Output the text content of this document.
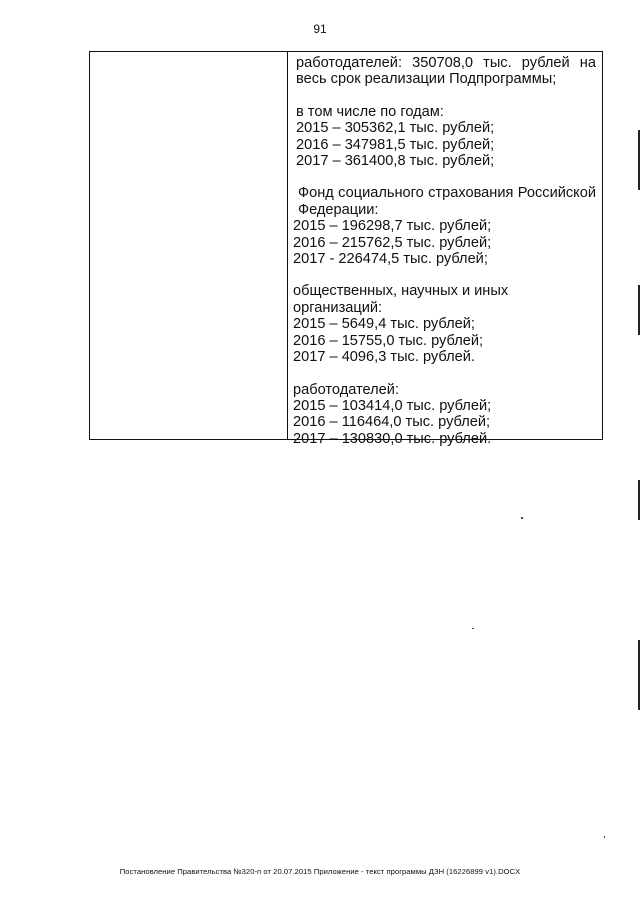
91

работодателей: 350708,0 тыс. рублей на

весь срок реализации Подпрограммы;

в том числе по годам:

2015 – 305362,1 тыс. рублей;

2016 – 347981,5 тыс. рублей;

2017 – 361400,8 тыс. рублей;

Фонд социального страхования Российской

Федерации:

2015 – 196298,7 тыс. рублей;

2016 – 215762,5 тыс. рублей;

2017 - 226474,5 тыс. рублей;

общественных, научных и иных организаций:

2015 – 5649,4 тыс. рублей;

2016 – 15755,0 тыс. рублей;

2017 – 4096,3 тыс. рублей.

работодателей:

2015 – 103414,0 тыс. рублей;

2016 – 116464,0 тыс. рублей;

2017 – 130830,0 тыс. рублей.

Постановление Правительства №320-п от 20.07.2015 Приложение - текст программы ДЗН (16226899 v1).DOCX
